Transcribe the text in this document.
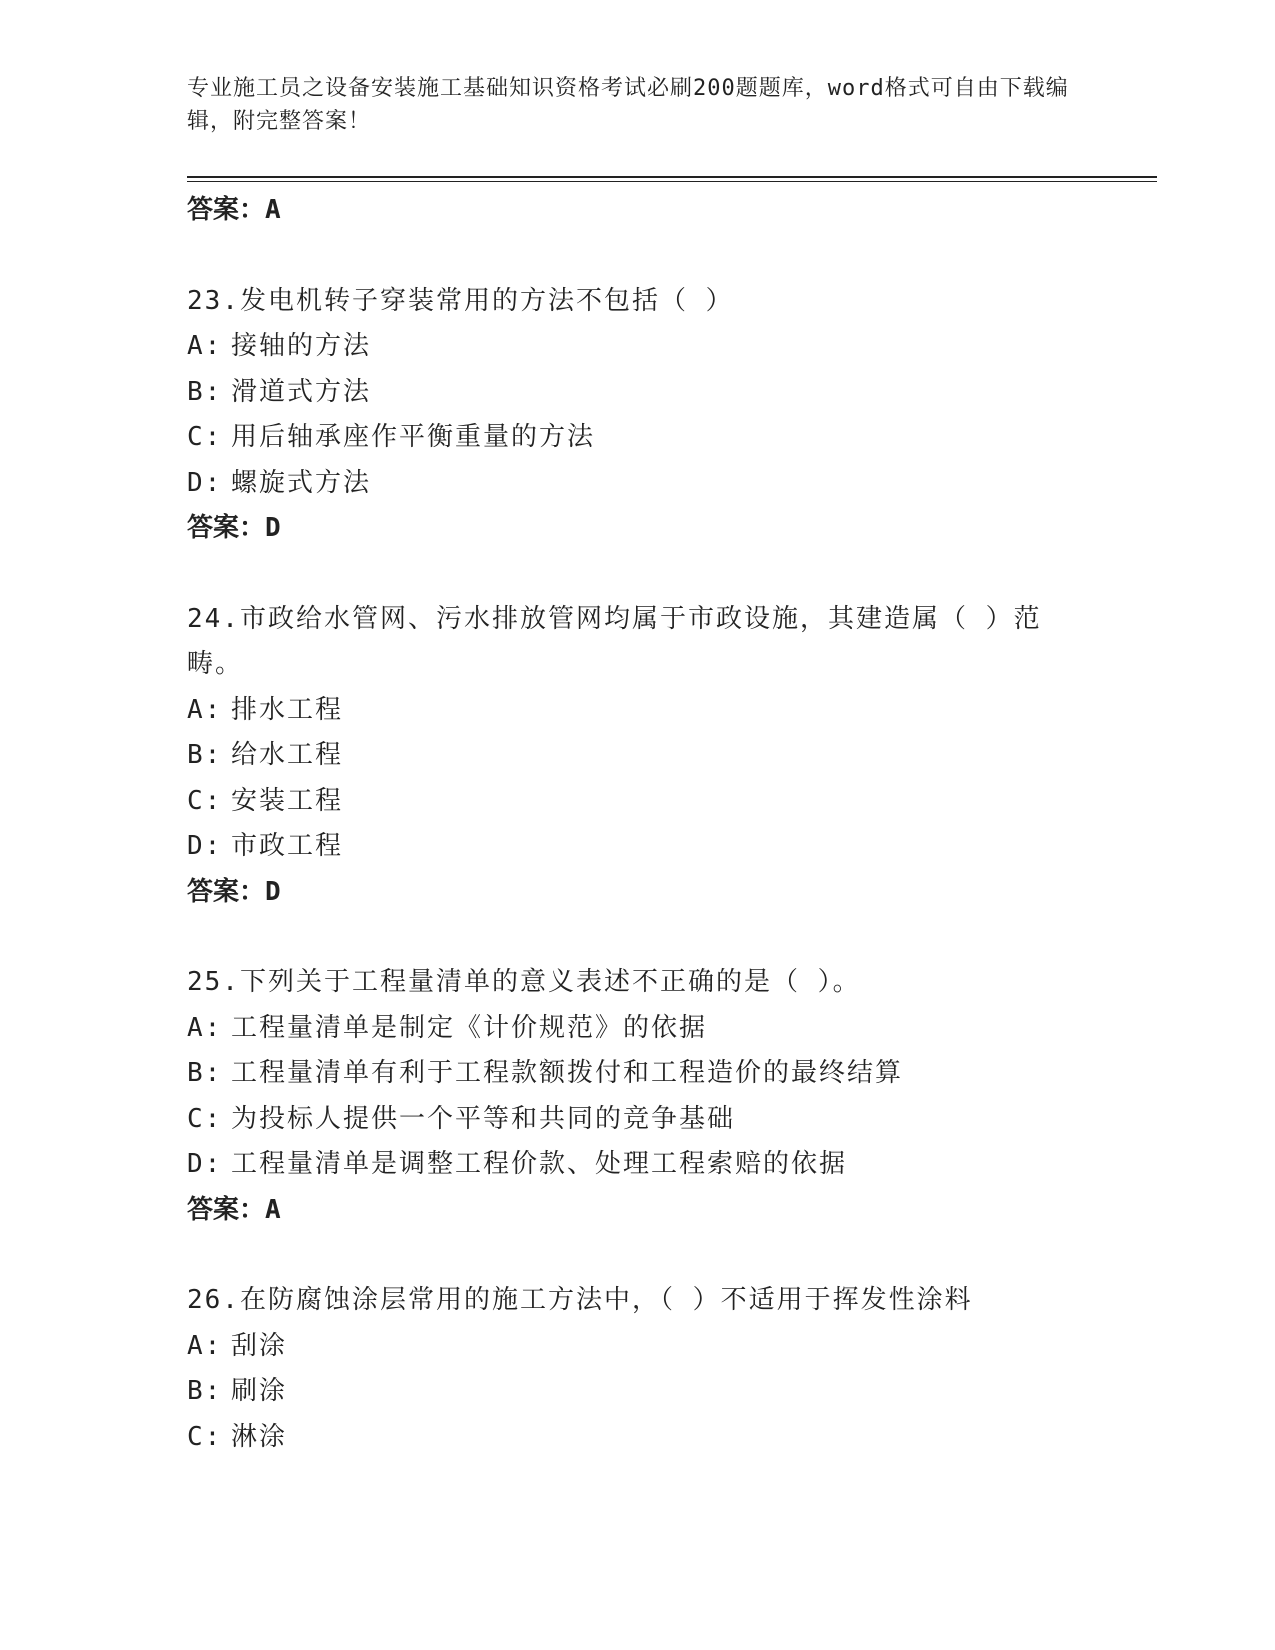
专业施工员之设备安装施工基础知识资格考试必刷200题题库，word格式可自由下载编辑，附完整答案！
答案：A
23.发电机转子穿装常用的方法不包括（ ）
A: 接轴的方法
B: 滑道式方法
C: 用后轴承座作平衡重量的方法
D: 螺旋式方法
答案：D
24.市政给水管网、污水排放管网均属于市政设施，其建造属（ ）范畴。
A: 排水工程
B: 给水工程
C: 安装工程
D: 市政工程
答案：D
25.下列关于工程量清单的意义表述不正确的是（ ）。
A: 工程量清单是制定《计价规范》的依据
B: 工程量清单有利于工程款额拨付和工程造价的最终结算
C: 为投标人提供一个平等和共同的竞争基础
D: 工程量清单是调整工程价款、处理工程索赔的依据
答案：A
26.在防腐蚀涂层常用的施工方法中，（ ）不适用于挥发性涂料
A: 刮涂
B: 刷涂
C: 淋涂
